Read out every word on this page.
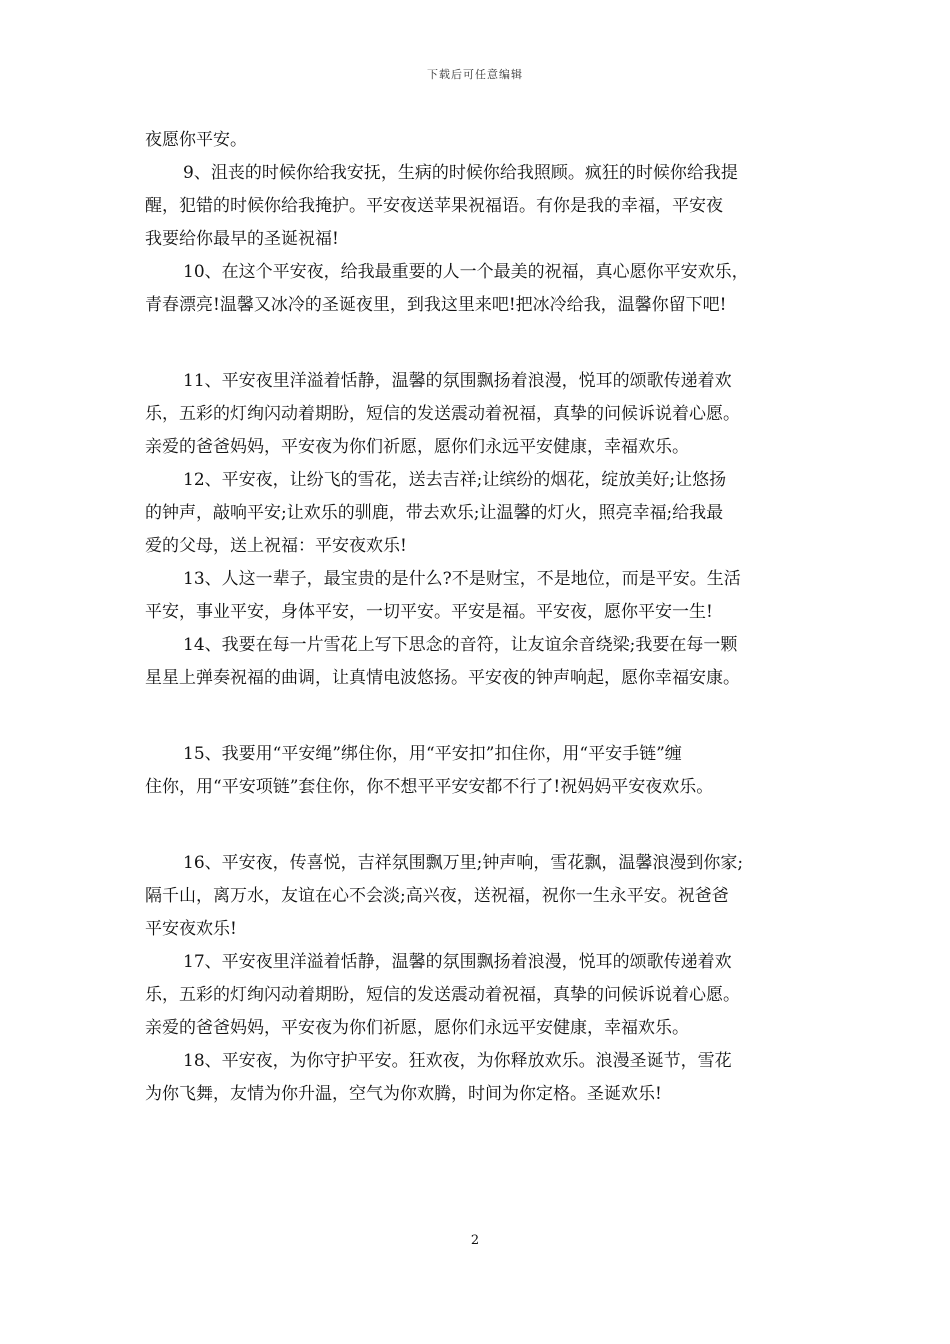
下载后可任意编辑
夜愿你平安。
9、沮丧的时候你给我安抚，生病的时候你给我照顾。疯狂的时候你给我提
醒，犯错的时候你给我掩护。平安夜送苹果祝福语。有你是我的幸福，平安夜
我要给你最早的圣诞祝福!
10、在这个平安夜，给我最重要的人一个最美的祝福，真心愿你平安欢乐，
青春漂亮!温馨又冰冷的圣诞夜里，到我这里来吧!把冰冷给我，温馨你留下吧!
11、平安夜里洋溢着恬静，温馨的氛围飘扬着浪漫，悦耳的颂歌传递着欢
乐，五彩的灯绚闪动着期盼，短信的发送震动着祝福，真挚的问候诉说着心愿。
亲爱的爸爸妈妈，平安夜为你们祈愿，愿你们永远平安健康，幸福欢乐。
12、平安夜，让纷飞的雪花，送去吉祥;让缤纷的烟花，绽放美好;让悠扬
的钟声，敲响平安;让欢乐的驯鹿，带去欢乐;让温馨的灯火，照亮幸福;给我最
爱的父母，送上祝福：平安夜欢乐!
13、人这一辈子，最宝贵的是什么?不是财宝，不是地位，而是平安。生活
平安，事业平安，身体平安，一切平安。平安是福。平安夜，愿你平安一生!
14、我要在每一片雪花上写下思念的音符，让友谊余音绕梁;我要在每一颗
星星上弹奏祝福的曲调，让真情电波悠扬。平安夜的钟声响起，愿你幸福安康。
15、我要用“平安绳”绑住你，用“平安扣”扣住你，用“平安手链”缠
住你，用“平安项链”套住你，你不想平平安安都不行了!祝妈妈平安夜欢乐。
16、平安夜，传喜悦，吉祥氛围飘万里;钟声响，雪花飘，温馨浪漫到你家;
隔千山，离万水，友谊在心不会淡;高兴夜，送祝福，祝你一生永平安。祝爸爸
平安夜欢乐!
17、平安夜里洋溢着恬静，温馨的氛围飘扬着浪漫，悦耳的颂歌传递着欢
乐，五彩的灯绚闪动着期盼，短信的发送震动着祝福，真挚的问候诉说着心愿。
亲爱的爸爸妈妈，平安夜为你们祈愿，愿你们永远平安健康，幸福欢乐。
18、平安夜，为你守护平安。狂欢夜，为你释放欢乐。浪漫圣诞节，雪花
为你飞舞，友情为你升温，空气为你欢腾，时间为你定格。圣诞欢乐!
2
